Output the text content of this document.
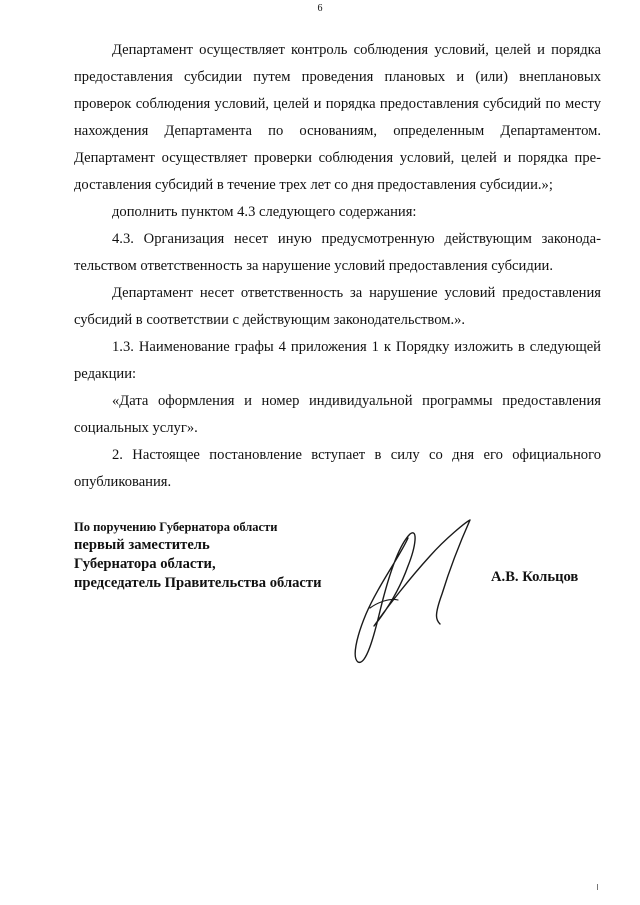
6

Департамент осуществляет контроль соблюдения условий, целей и порядка предоставления субсидии путем проведения плановых и (или) внеплановых проверок соблюдения условий, целей и порядка предоставления субсидий по месту нахождения Департамента по основаниям, определенным Департаментом. Департамент осуществляет проверки соблюдения условий, целей и порядка предоставления субсидий в течение трех лет со дня предоставления субсидии.»;

дополнить пунктом 4.3 следующего содержания:

4.3. Организация несет иную предусмотренную действующим законодательством ответственность за нарушение условий предоставления субсидии.

Департамент несет ответственность за нарушение условий предоставления субсидий в соответствии с действующим законодательством.».

1.3. Наименование графы 4 приложения 1 к Порядку изложить в следующей редакции:

«Дата оформления и номер индивидуальной программы предоставления социальных услуг».

2. Настоящее постановление вступает в силу со дня его официального опубликования.

По поручению Губернатора области
первый заместитель
Губернатора области,
председатель Правительства области	А.В. Кольцов
